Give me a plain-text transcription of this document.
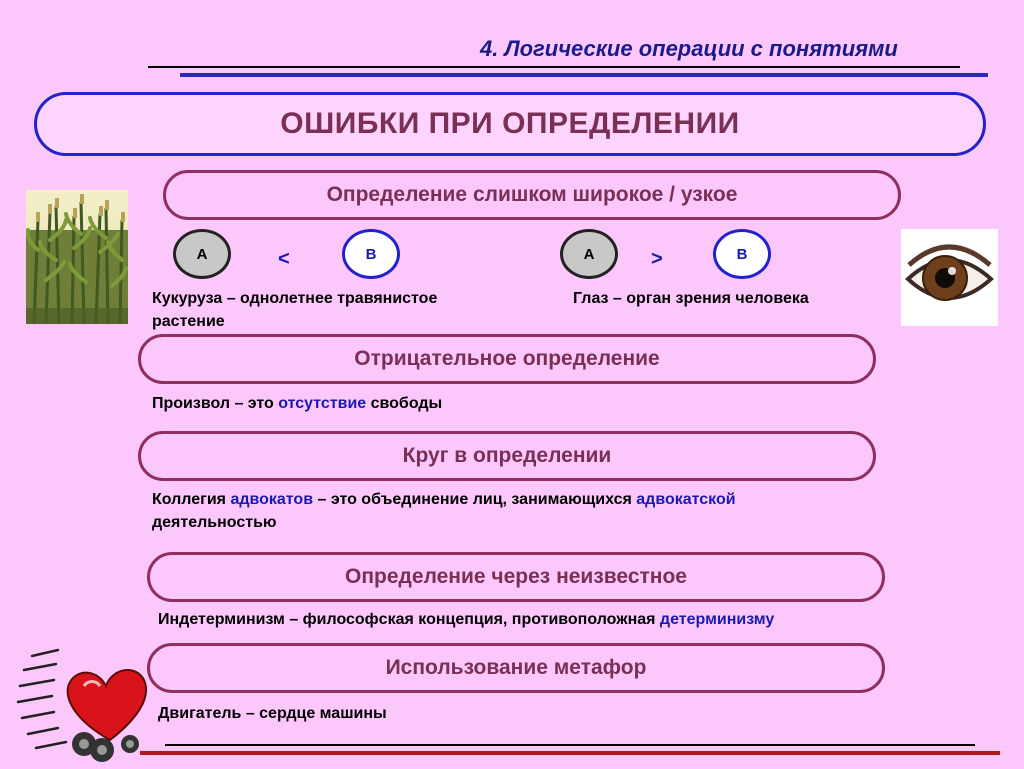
4. Логические операции с понятиями
ОШИБКИ ПРИ ОПРЕДЕЛЕНИИ
Определение слишком широкое / узкое
А	<	В	А	>	В
Кукуруза – однолетнее травянистое
растение
Глаз – орган зрения человека
Отрицательное определение
Произвол – это отсутствие свободы
Круг в определении
Коллегия адвокатов – это объединение лиц, занимающихся адвокатской
деятельностью
Определение через неизвестное
Индетерминизм – философская концепция, противоположная детерминизму
Использование метафор
Двигатель – сердце машины
